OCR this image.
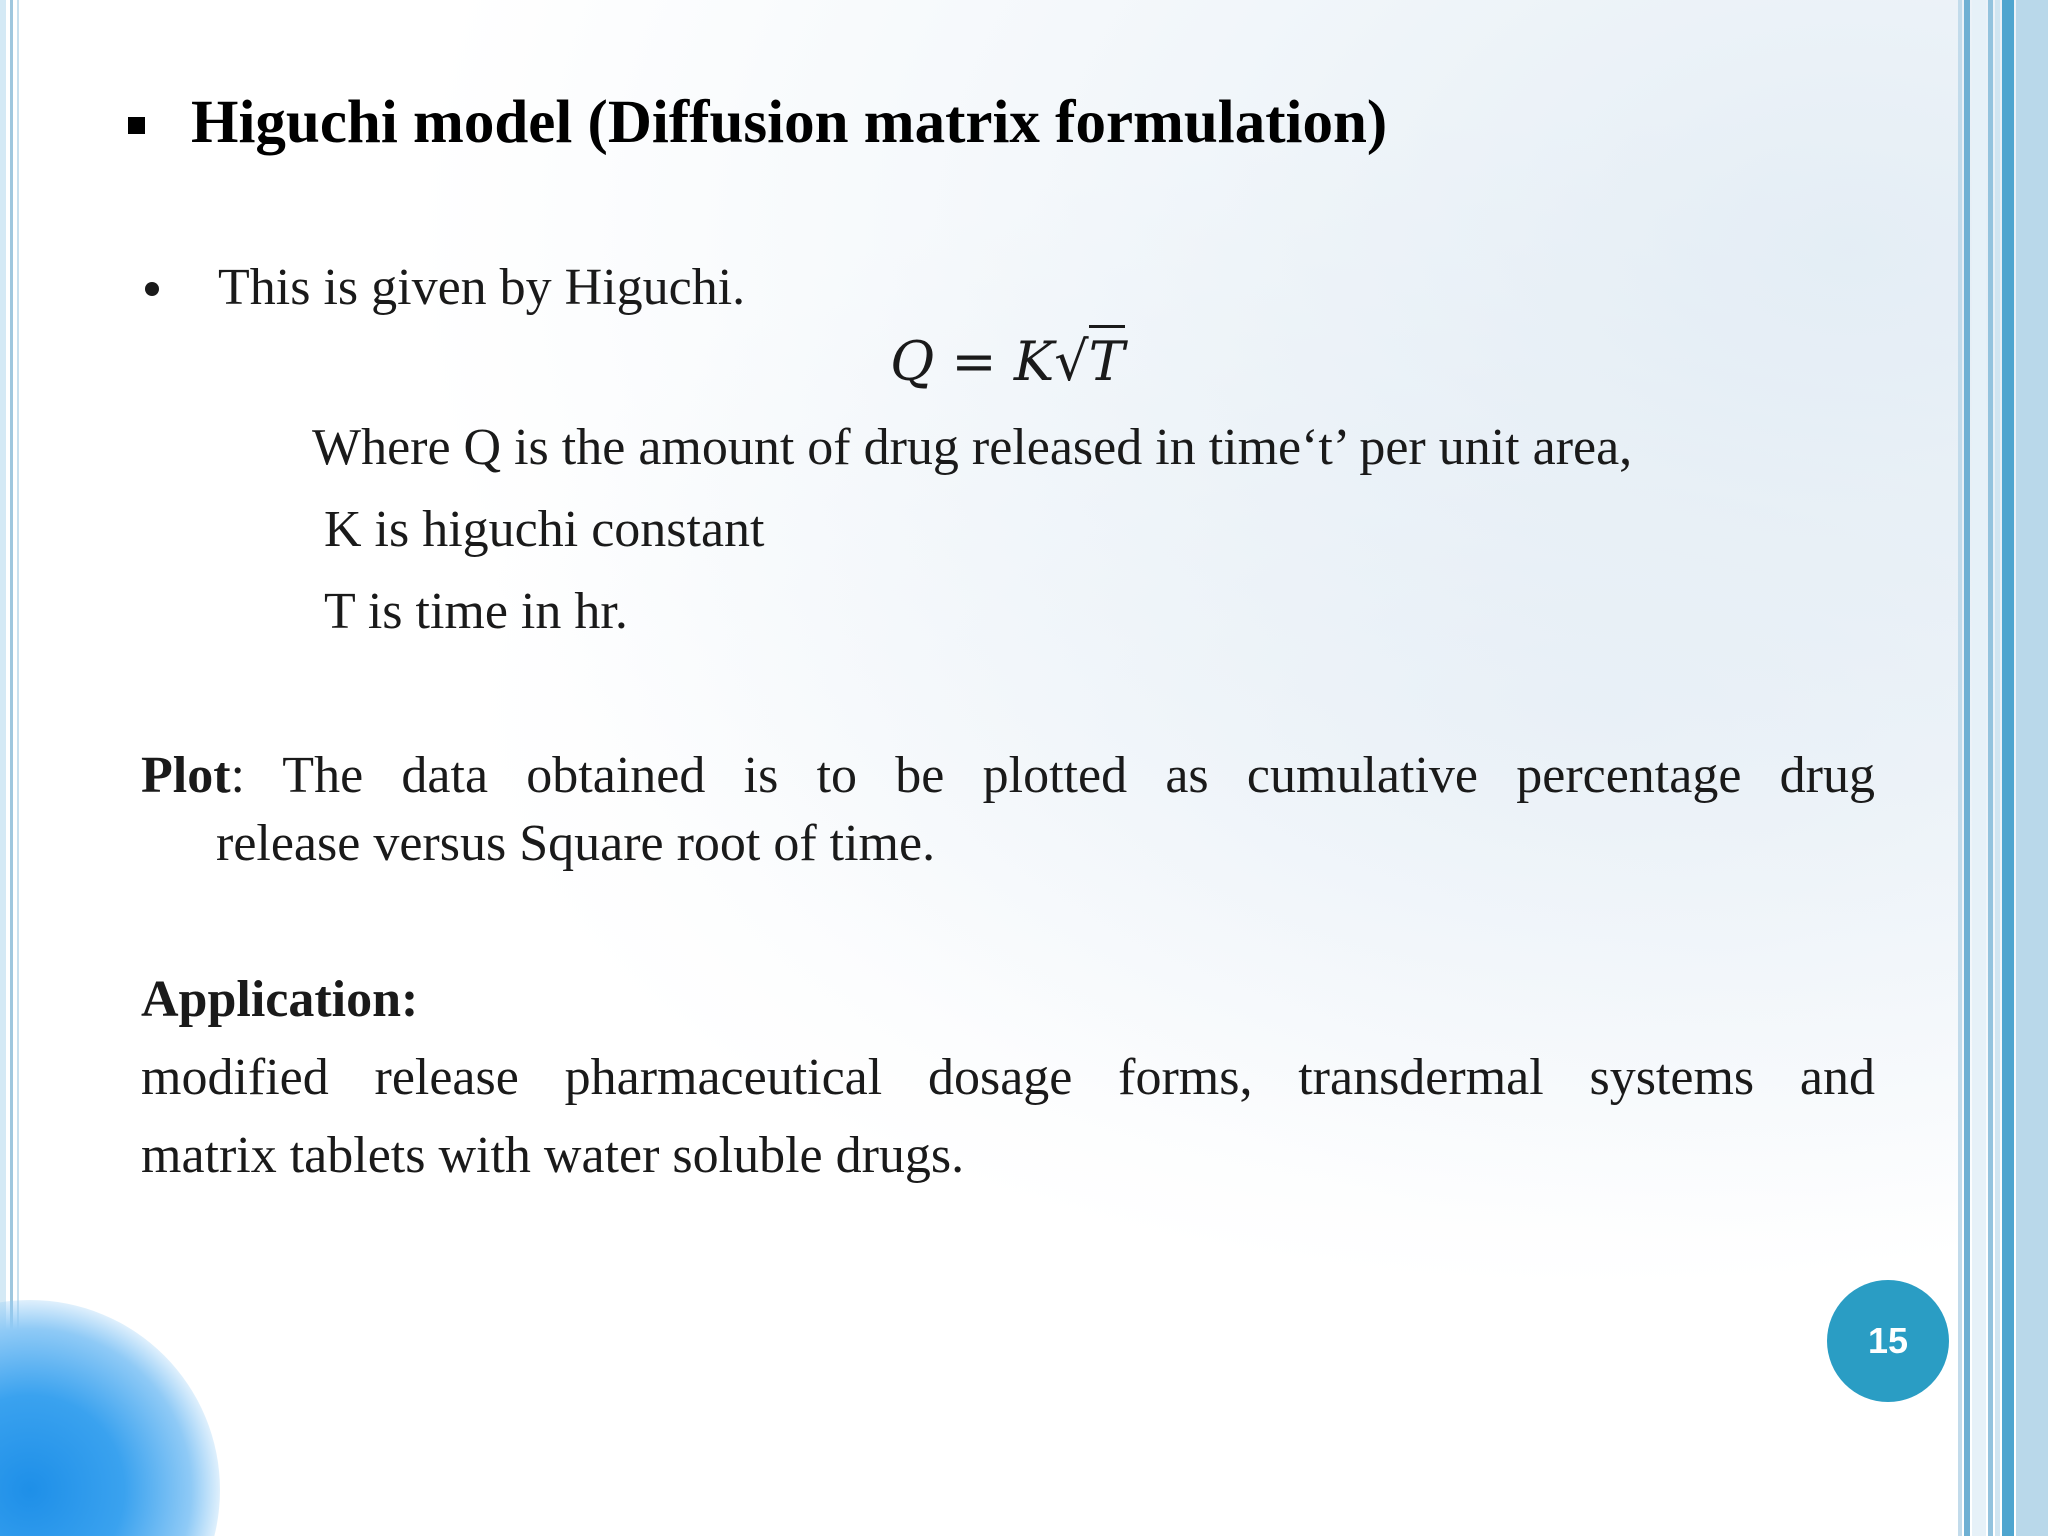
Higuchi model (Diffusion matrix formulation)
This is given by Higuchi.
Q = K√T
Where Q is the amount of drug released in time‘t’ per unit area,
K is higuchi constant
T is time in hr.
Plot: The data obtained is to be plotted as cumulative percentage drug
release versus Square root of time.
Application:
modified release pharmaceutical dosage forms, transdermal systems and
matrix tablets with water soluble drugs.
15
